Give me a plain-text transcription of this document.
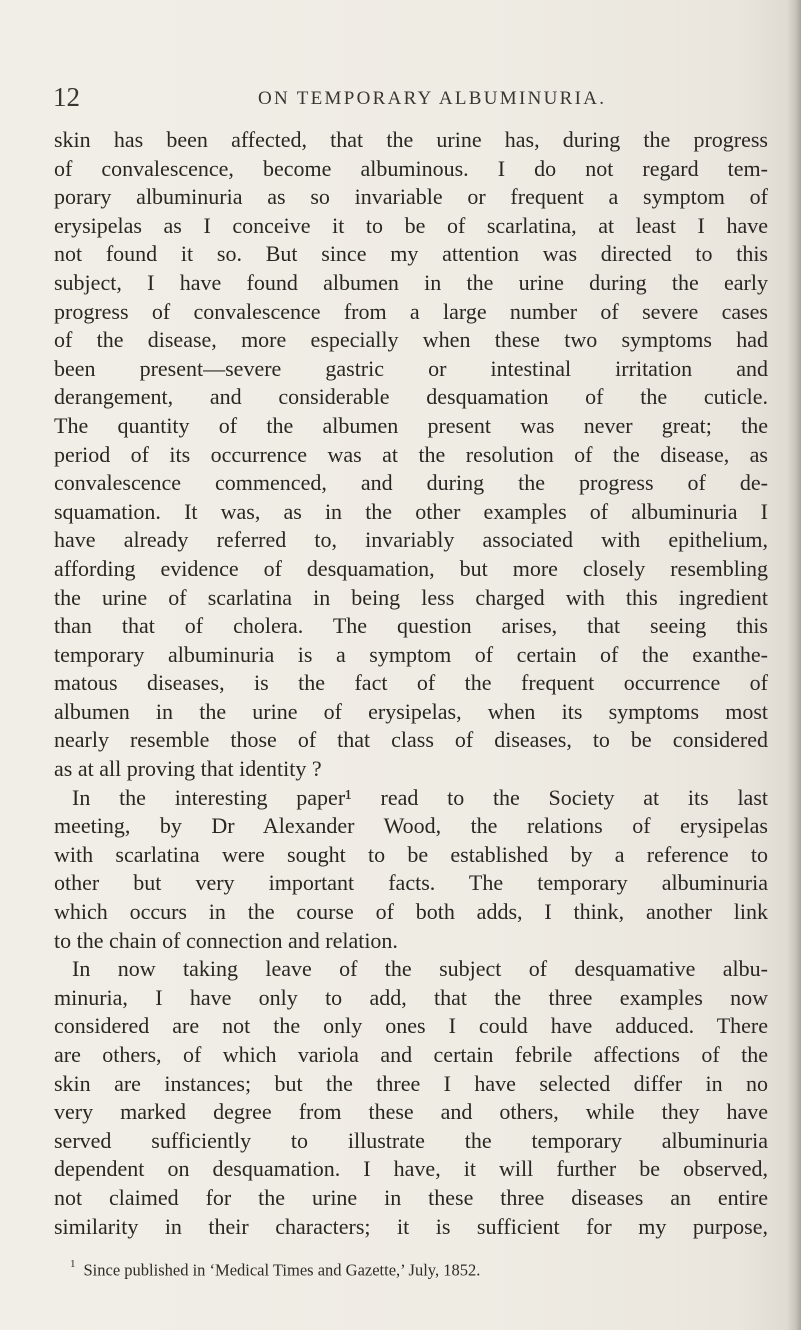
12	ON TEMPORARY ALBUMINURIA.
skin has been affected, that the urine has, during the progress
of convalescence, become albuminous. I do not regard tem-
porary albuminuria as so invariable or frequent a symptom of
erysipelas as I conceive it to be of scarlatina, at least I have
not found it so. But since my attention was directed to this
subject, I have found albumen in the urine during the early
progress of convalescence from a large number of severe cases
of the disease, more especially when these two symptoms had
been present—severe gastric or intestinal irritation and
derangement, and considerable desquamation of the cuticle.
The quantity of the albumen present was never great; the
period of its occurrence was at the resolution of the disease, as
convalescence commenced, and during the progress of de-
squamation. It was, as in the other examples of albuminuria I
have already referred to, invariably associated with epithelium,
affording evidence of desquamation, but more closely resembling
the urine of scarlatina in being less charged with this ingredient
than that of cholera. The question arises, that seeing this
temporary albuminuria is a symptom of certain of the exanthe-
matous diseases, is the fact of the frequent occurrence of
albumen in the urine of erysipelas, when its symptoms most
nearly resemble those of that class of diseases, to be considered
as at all proving that identity ?
In the interesting paper¹ read to the Society at its last
meeting, by Dr Alexander Wood, the relations of erysipelas
with scarlatina were sought to be established by a reference to
other but very important facts. The temporary albuminuria
which occurs in the course of both adds, I think, another link
to the chain of connection and relation.
In now taking leave of the subject of desquamative albu-
minuria, I have only to add, that the three examples now
considered are not the only ones I could have adduced. There
are others, of which variola and certain febrile affections of the
skin are instances; but the three I have selected differ in no
very marked degree from these and others, while they have
served sufficiently to illustrate the temporary albuminuria
dependent on desquamation. I have, it will further be observed,
not claimed for the urine in these three diseases an entire
similarity in their characters; it is sufficient for my purpose,
$^1$ Since published in ‘Medical Times and Gazette,’ July, 1852.
